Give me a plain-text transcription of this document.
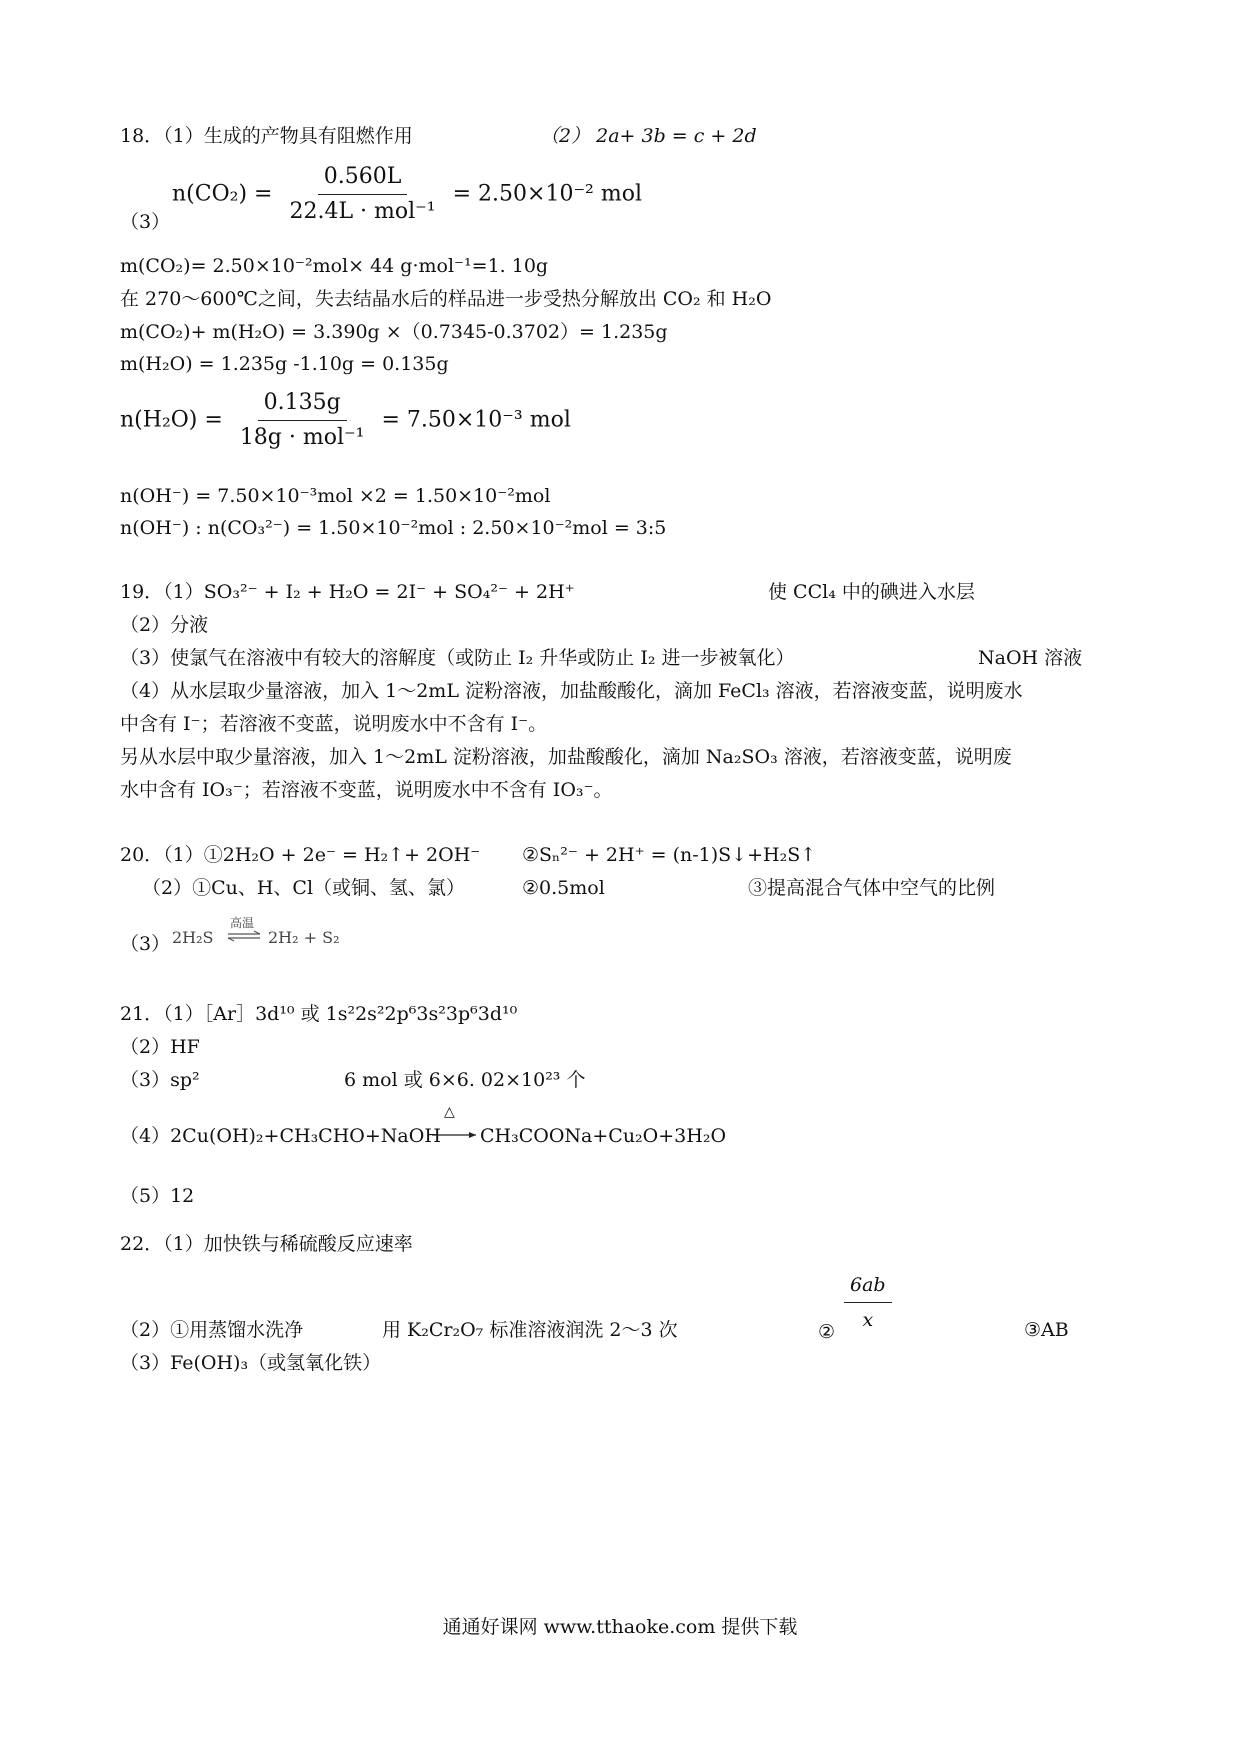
18．（1）生成的产物具有阻燃作用	（2） 2a+ 3b = c + 2d
（3）
$n(CO_2) = \frac{0.560L}{\text{22.4L · mol⁻¹}} = 2.50\times 10^{-2}$ mol
m(CO₂)= 2.50×10⁻²mol× 44 g·mol⁻¹=1. 10g
在 270～600℃之间，失去结晶水后的样品进一步受热分解放出 CO₂ 和 H₂O
m(CO₂)+ m(H₂O) = 3.390g ×（0.7345-0.3702）= 1.235g
m(H₂O) = 1.235g -1.10g = 0.135g
$n(H_2O) = \frac{0.135g}{\text{18g · mol⁻¹}} = 7.50\times 10^{-3}$ mol
n(OH⁻) = 7.50×10⁻³mol ×2 = 1.50×10⁻²mol
n(OH⁻) : n(CO₃²⁻) = 1.50×10⁻²mol : 2.50×10⁻²mol = 3:5
19．（1）SO₃²⁻ + I₂ + H₂O = 2I⁻ + SO₄²⁻ + 2H⁺	使 CCl₄ 中的碘进入水层
（2）分液
（3）使氯气在溶液中有较大的溶解度（或防止 I₂ 升华或防止 I₂ 进一步被氧化）	NaOH 溶液
（4）从水层取少量溶液，加入 1～2mL 淀粉溶液，加盐酸酸化，滴加 FeCl₃ 溶液，若溶液变蓝，说明废水
中含有 I⁻；若溶液不变蓝，说明废水中不含有 I⁻。
另从水层中取少量溶液，加入 1～2mL 淀粉溶液，加盐酸酸化，滴加 Na₂SO₃ 溶液，若溶液变蓝，说明废
水中含有 IO₃⁻；若溶液不变蓝，说明废水中不含有 IO₃⁻。
20．（1）①2H₂O + 2e⁻ = H₂↑+ 2OH⁻ ②Sₙ²⁻ + 2H⁺ = (n-1)S↓+H₂S↑
（2）①Cu、H、Cl（或铜、氢、氯）	②0.5mol	③提高混合气体中空气的比例
（3） 2H₂S
高温
2H₂ + S₂
21．（1）［Ar］3d¹⁰ 或 1s²2s²2p⁶3s²3p⁶3d¹⁰
（2）HF
（3）sp²	6 mol 或 6×6. 02×10²³ 个
（4）2Cu(OH)₂+CH₃CHO+NaOH
△
CH₃COONa+Cu₂O+3H₂O
（5）12
22．（1）加快铁与稀硫酸反应速率
（2）①用蒸馏水洗净	用 K₂Cr₂O₇ 标准溶液润洗 2～3 次	② $\frac{6ab}{x}$	③AB
（3）Fe(OH)₃（或氢氧化铁）
通通好课网 www.tthaoke.com 提供下载
